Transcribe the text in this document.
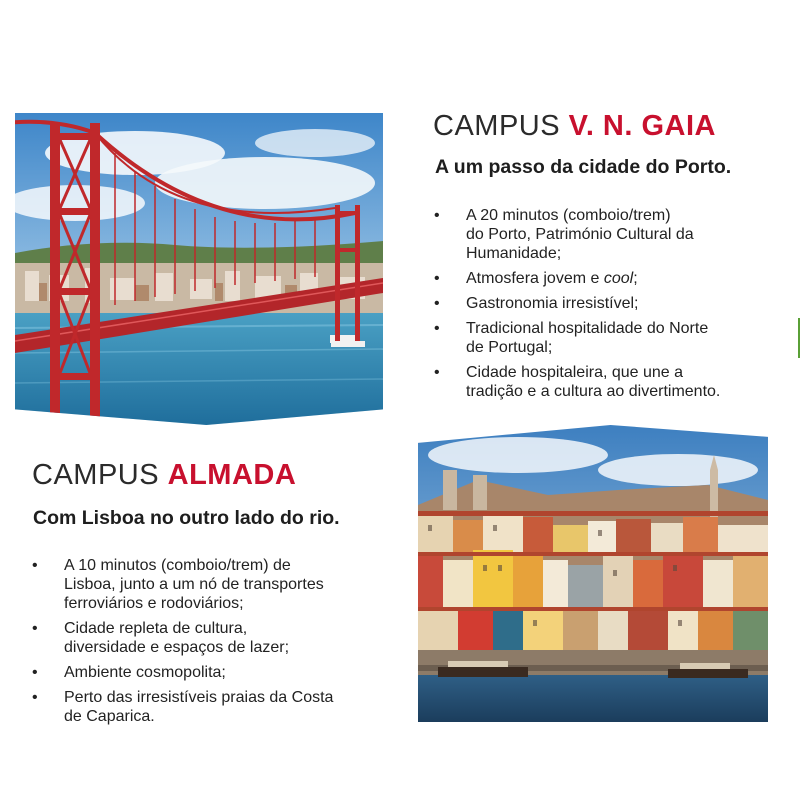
CAMPUS V. N. GAIA
A um passo da cidade do Porto.
• A 20 minutos (comboio/trem)
do Porto, Património Cultural da
Humanidade;
• Atmosfera jovem e cool;
• Gastronomia irresistível;
• Tradicional hospitalidade do Norte
de Portugal;
• Cidade hospitaleira, que une a
tradição e a cultura ao divertimento.
CAMPUS ALMADA
Com Lisboa no outro lado do rio.
• A 10 minutos (comboio/trem) de
Lisboa, junto a um nó de transportes
ferroviários e rodoviários;
• Cidade repleta de cultura,
diversidade e espaços de lazer;
• Ambiente cosmopolita;
• Perto das irresistíveis praias da Costa
de Caparica.
